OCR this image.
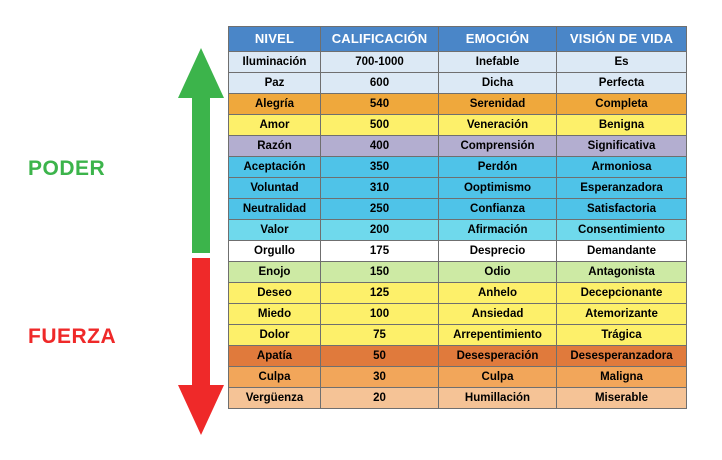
PODER
FUERZA
NIVEL	CALIFICACIÓN	EMOCIÓN	VISIÓN DE VIDA
Iluminación	700-1000	Inefable	Es
Paz	600	Dicha	Perfecta
Alegría	540	Serenidad	Completa
Amor	500	Veneración	Benigna
Razón	400	Comprensión	Significativa
Aceptación	350	Perdón	Armoniosa
Voluntad	310	Ooptimismo	Esperanzadora
Neutralidad	250	Confianza	Satisfactoria
Valor	200	Afirmación	Consentimiento
Orgullo	175	Desprecio	Demandante
Enojo	150	Odio	Antagonista
Deseo	125	Anhelo	Decepcionante
Miedo	100	Ansiedad	Atemorizante
Dolor	75	Arrepentimiento	Trágica
Apatía	50	Desesperación	Desesperanzadora
Culpa	30	Culpa	Maligna
Vergüenza	20	Humillación	Miserable
